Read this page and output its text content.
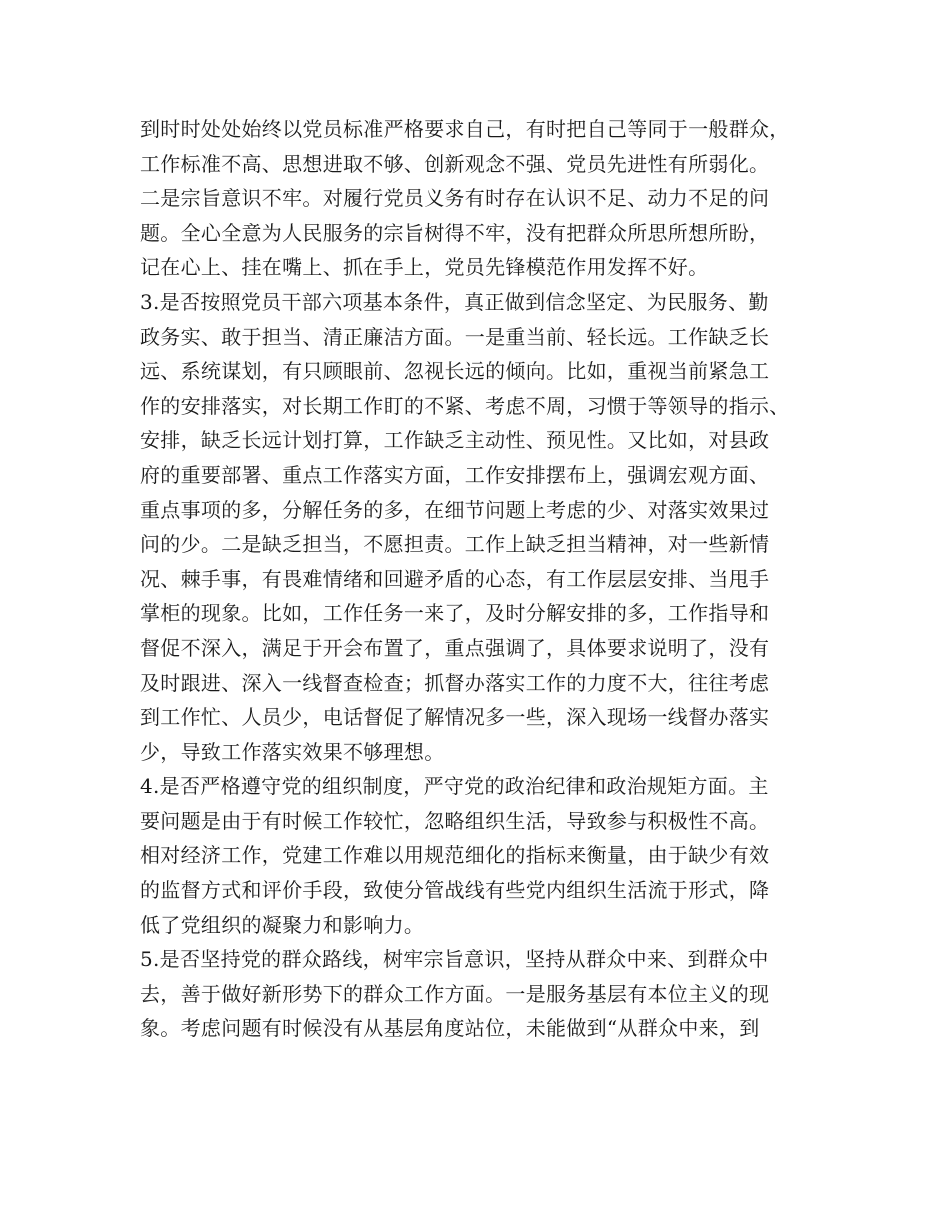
到时时处处始终以党员标准严格要求自己，有时把自己等同于一般群众，
工作标准不高、思想进取不够、创新观念不强、党员先进性有所弱化。
二是宗旨意识不牢。对履行党员义务有时存在认识不足、动力不足的问
题。全心全意为人民服务的宗旨树得不牢，没有把群众所思所想所盼，
记在心上、挂在嘴上、抓在手上，党员先锋模范作用发挥不好。
3.是否按照党员干部六项基本条件，真正做到信念坚定、为民服务、勤
政务实、敢于担当、清正廉洁方面。一是重当前、轻长远。工作缺乏长
远、系统谋划，有只顾眼前、忽视长远的倾向。比如，重视当前紧急工
作的安排落实，对长期工作盯的不紧、考虑不周，习惯于等领导的指示、
安排，缺乏长远计划打算，工作缺乏主动性、预见性。又比如，对县政
府的重要部署、重点工作落实方面，工作安排摆布上，强调宏观方面、
重点事项的多，分解任务的多，在细节问题上考虑的少、对落实效果过
问的少。二是缺乏担当，不愿担责。工作上缺乏担当精神，对一些新情
况、棘手事，有畏难情绪和回避矛盾的心态，有工作层层安排、当甩手
掌柜的现象。比如，工作任务一来了，及时分解安排的多，工作指导和
督促不深入，满足于开会布置了，重点强调了，具体要求说明了，没有
及时跟进、深入一线督查检查；抓督办落实工作的力度不大，往往考虑
到工作忙、人员少，电话督促了解情况多一些，深入现场一线督办落实
少，导致工作落实效果不够理想。
4.是否严格遵守党的组织制度，严守党的政治纪律和政治规矩方面。主
要问题是由于有时候工作较忙，忽略组织生活，导致参与积极性不高。
相对经济工作，党建工作难以用规范细化的指标来衡量，由于缺少有效
的监督方式和评价手段，致使分管战线有些党内组织生活流于形式，降
低了党组织的凝聚力和影响力。
5.是否坚持党的群众路线，树牢宗旨意识，坚持从群众中来、到群众中
去，善于做好新形势下的群众工作方面。一是服务基层有本位主义的现
象。考虑问题有时候没有从基层角度站位，未能做到“从群众中来，到
